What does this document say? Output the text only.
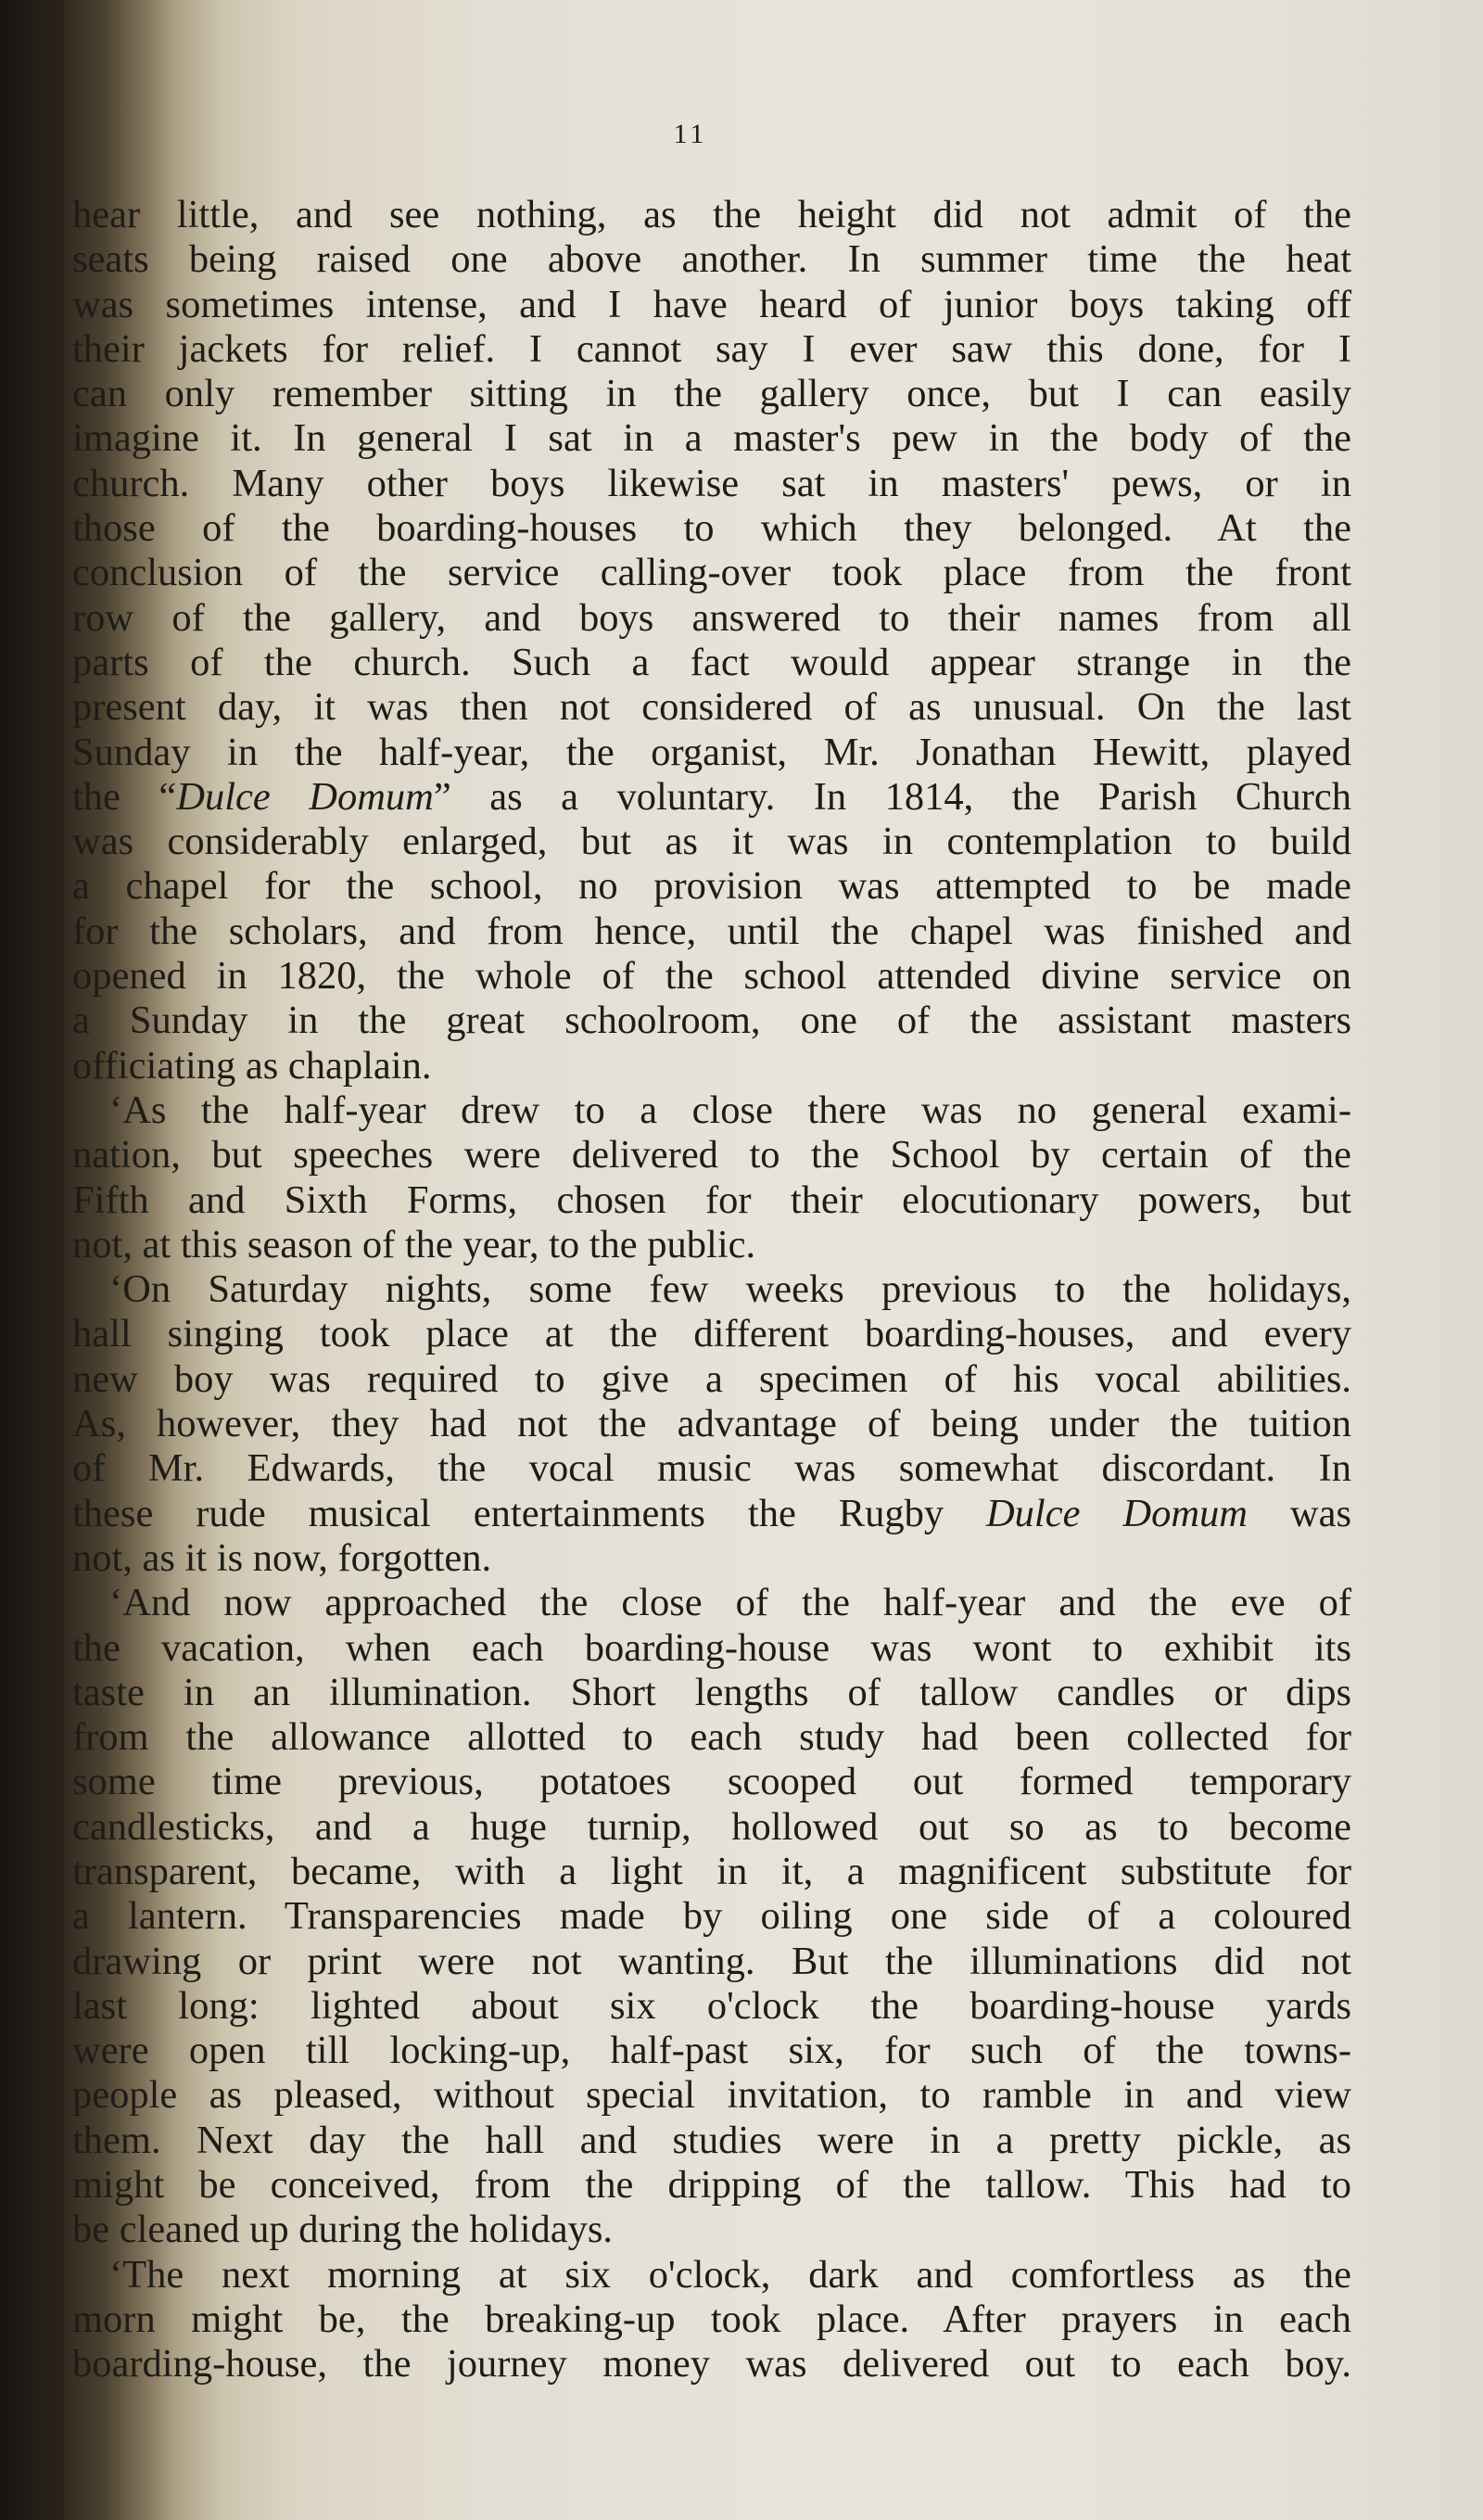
11
hear little, and see nothing, as the height did not admit of the
seats being raised one above another. In summer time the heat
was sometimes intense, and I have heard of junior boys taking off
their jackets for relief. I cannot say I ever saw this done, for I
can only remember sitting in the gallery once, but I can easily
imagine it. In general I sat in a master's pew in the body of the
church. Many other boys likewise sat in masters' pews, or in
those of the boarding-houses to which they belonged. At the
conclusion of the service calling-over took place from the front
row of the gallery, and boys answered to their names from all
parts of the church. Such a fact would appear strange in the
present day, it was then not considered of as unusual. On the last
Sunday in the half-year, the organist, Mr. Jonathan Hewitt, played
the “Dulce Domum” as a voluntary. In 1814, the Parish Church
was considerably enlarged, but as it was in contemplation to build
a chapel for the school, no provision was attempted to be made
for the scholars, and from hence, until the chapel was finished and
opened in 1820, the whole of the school attended divine service on
a Sunday in the great schoolroom, one of the assistant masters
officiating as chaplain.
‘As the half-year drew to a close there was no general exami-
nation, but speeches were delivered to the School by certain of the
Fifth and Sixth Forms, chosen for their elocutionary powers, but
not, at this season of the year, to the public.
‘On Saturday nights, some few weeks previous to the holidays,
hall singing took place at the different boarding-houses, and every
new boy was required to give a specimen of his vocal abilities.
As, however, they had not the advantage of being under the tuition
of Mr. Edwards, the vocal music was somewhat discordant. In
these rude musical entertainments the Rugby Dulce Domum was
not, as it is now, forgotten.
‘And now approached the close of the half-year and the eve of
the vacation, when each boarding-house was wont to exhibit its
taste in an illumination. Short lengths of tallow candles or dips
from the allowance allotted to each study had been collected for
some time previous, potatoes scooped out formed temporary
candlesticks, and a huge turnip, hollowed out so as to become
transparent, became, with a light in it, a magnificent substitute for
a lantern. Transparencies made by oiling one side of a coloured
drawing or print were not wanting. But the illuminations did not
last long: lighted about six o'clock the boarding-house yards
were open till locking-up, half-past six, for such of the towns-
people as pleased, without special invitation, to ramble in and view
them. Next day the hall and studies were in a pretty pickle, as
might be conceived, from the dripping of the tallow. This had to
be cleaned up during the holidays.
‘The next morning at six o'clock, dark and comfortless as the
morn might be, the breaking-up took place. After prayers in each
boarding-house, the journey money was delivered out to each boy.
